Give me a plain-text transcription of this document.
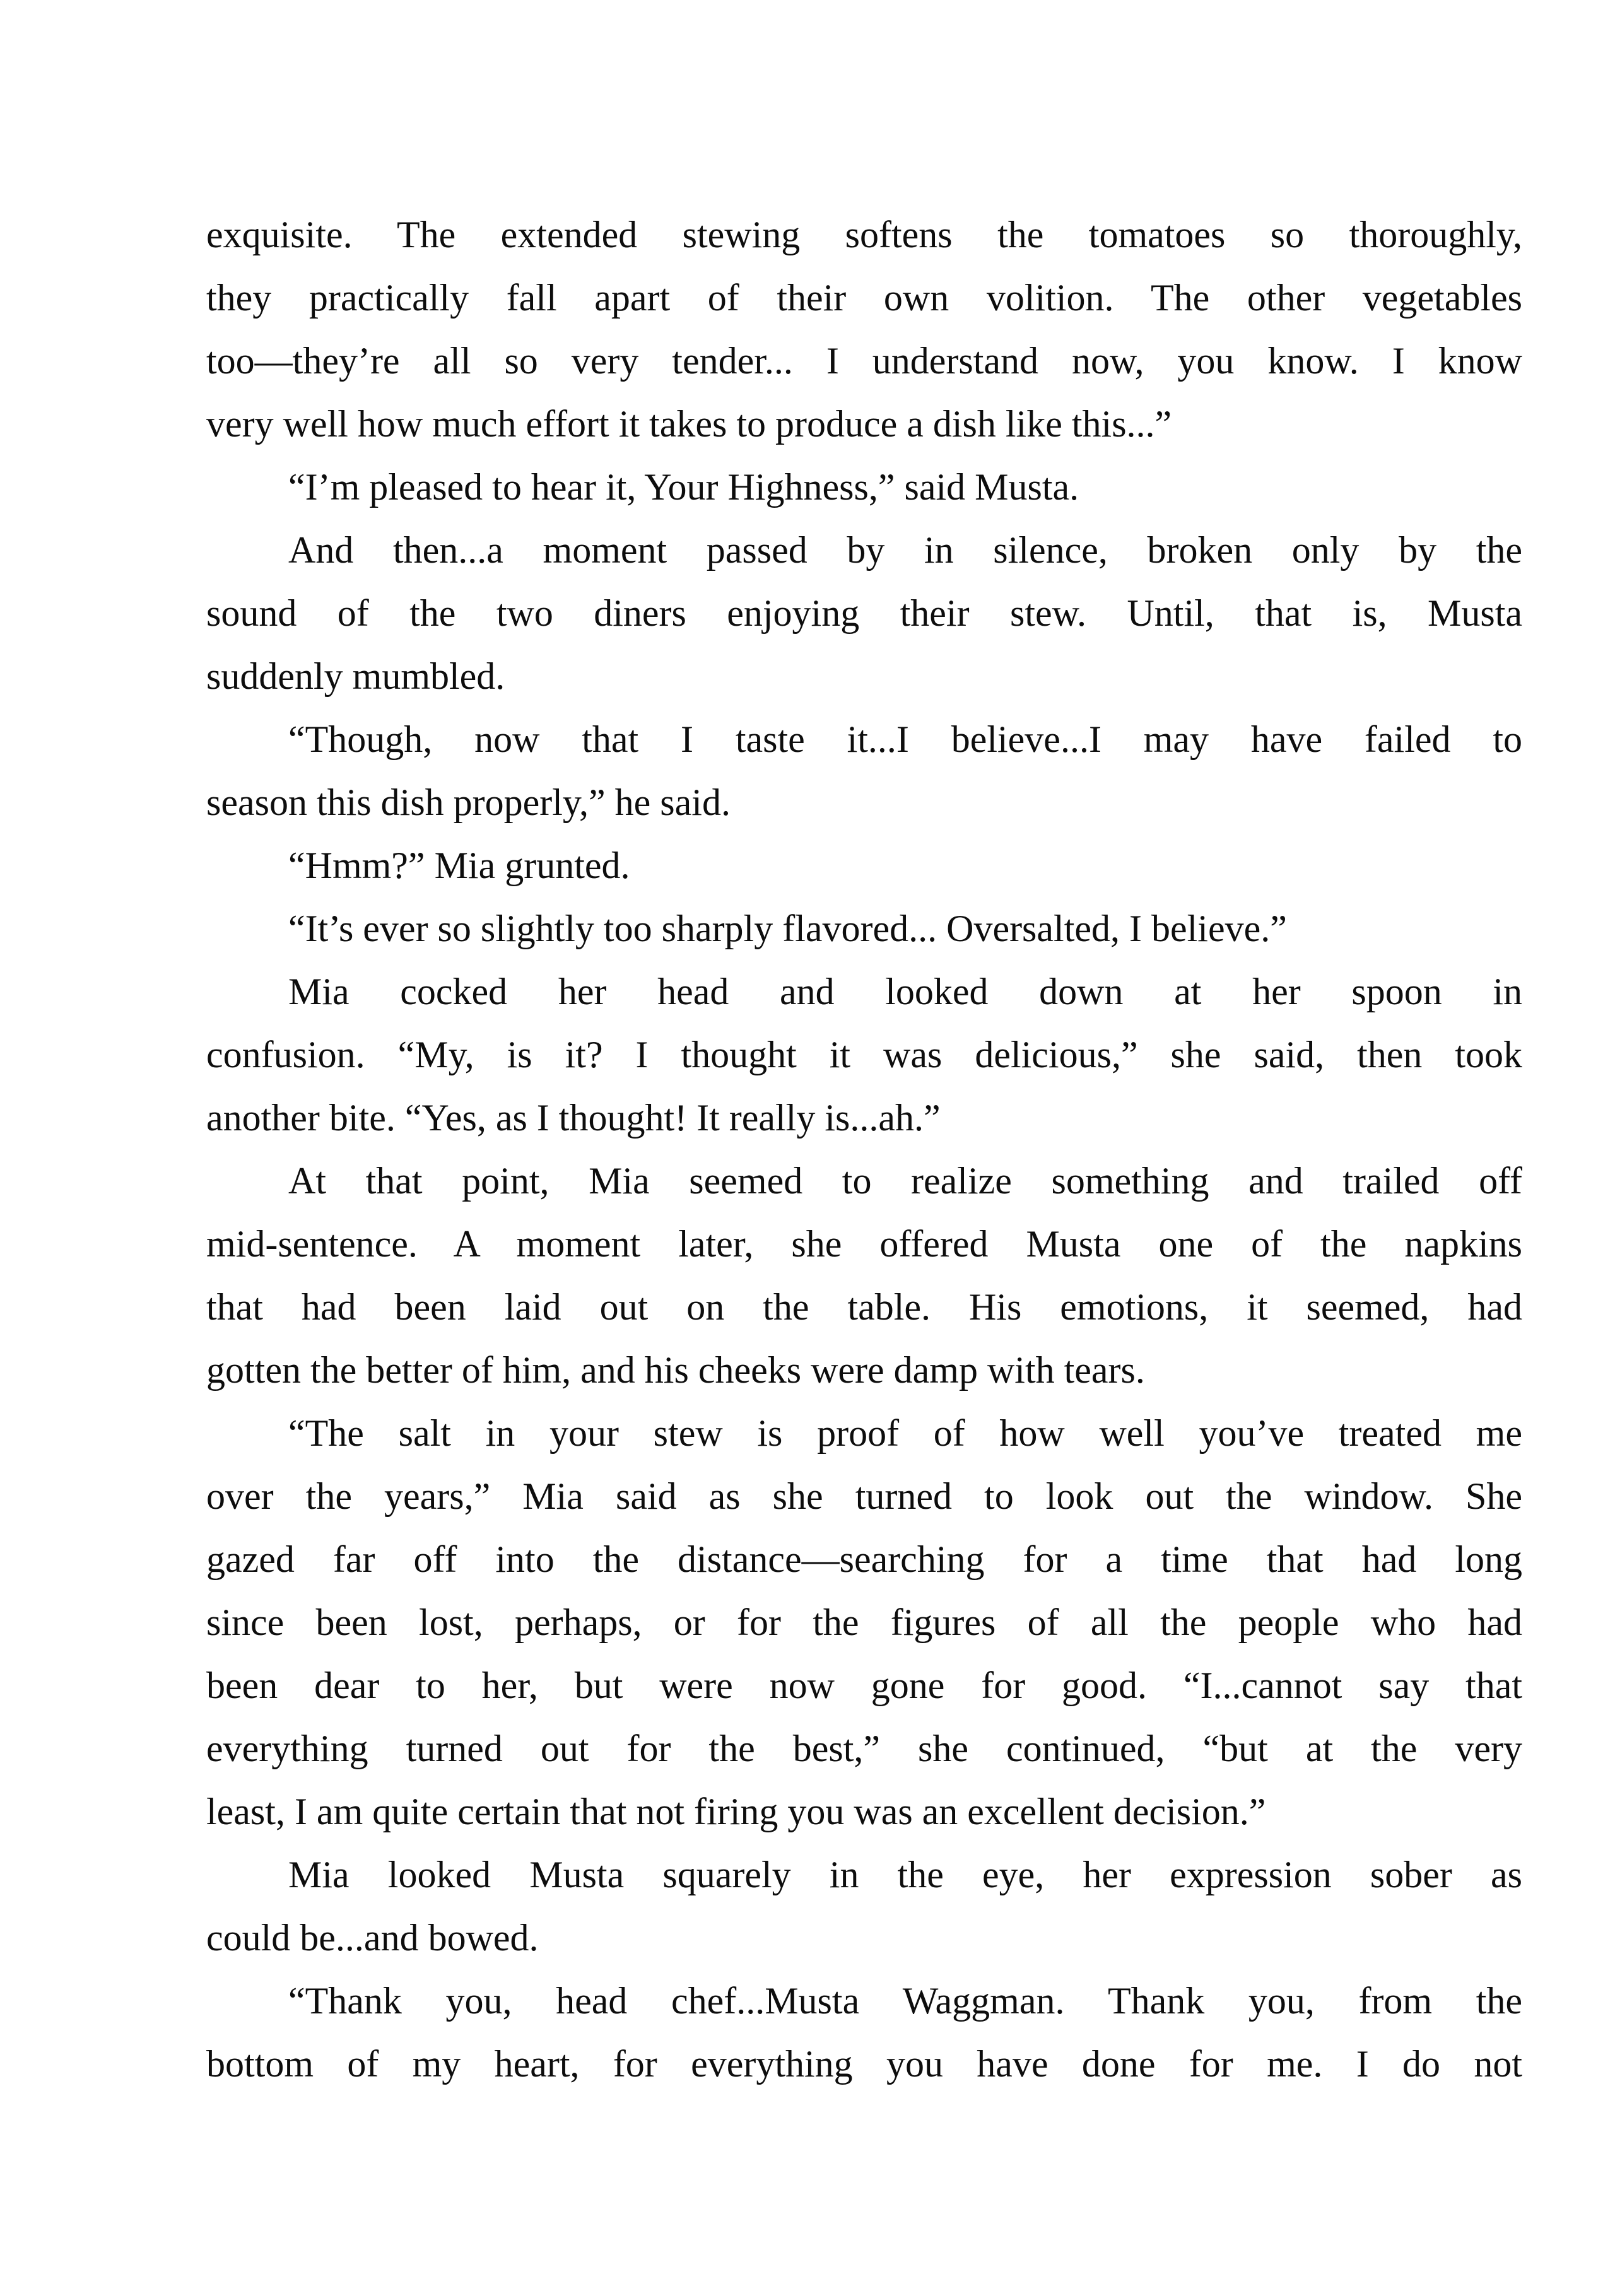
exquisite. The extended stewing softens the tomatoes so thoroughly,
they practically fall apart of their own volition. The other vegetables
too—they’re all so very tender... I understand now, you know. I know
very well how much effort it takes to produce a dish like this...”
“I’m pleased to hear it, Your Highness,” said Musta.
And then...a moment passed by in silence, broken only by the
sound of the two diners enjoying their stew. Until, that is, Musta
suddenly mumbled.
“Though, now that I taste it...I believe...I may have failed to
season this dish properly,” he said.
“Hmm?” Mia grunted.
“It’s ever so slightly too sharply flavored... Oversalted, I believe.”
Mia cocked her head and looked down at her spoon in
confusion. “My, is it? I thought it was delicious,” she said, then took
another bite. “Yes, as I thought! It really is...ah.”
At that point, Mia seemed to realize something and trailed off
mid-sentence. A moment later, she offered Musta one of the napkins
that had been laid out on the table. His emotions, it seemed, had
gotten the better of him, and his cheeks were damp with tears.
“The salt in your stew is proof of how well you’ve treated me
over the years,” Mia said as she turned to look out the window. She
gazed far off into the distance—searching for a time that had long
since been lost, perhaps, or for the figures of all the people who had
been dear to her, but were now gone for good. “I...cannot say that
everything turned out for the best,” she continued, “but at the very
least, I am quite certain that not firing you was an excellent decision.”
Mia looked Musta squarely in the eye, her expression sober as
could be...and bowed.
“Thank you, head chef...Musta Waggman. Thank you, from the
bottom of my heart, for everything you have done for me. I do not
